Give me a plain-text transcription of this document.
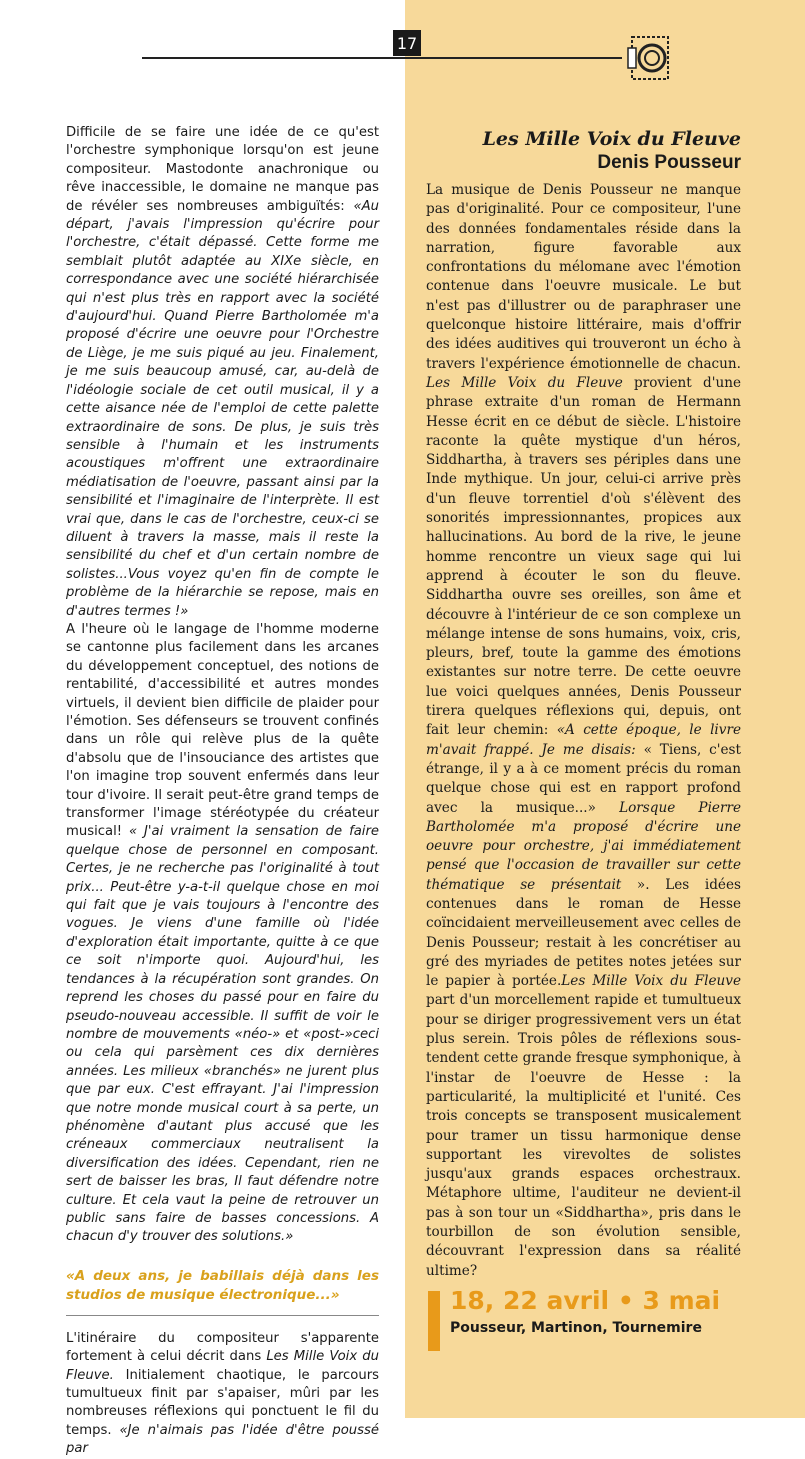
17

Difficile de se faire une idée de ce qu'est l'orchestre symphonique lorsqu'on est jeune compositeur. Mastodonte anachronique ou rêve inaccessible, le domaine ne manque pas de révéler ses nombreuses ambiguïtés: «Au départ, j'avais l'impression qu'écrire pour l'orchestre, c'était dépassé. Cette forme me semblait plutôt adaptée au XIXe siècle, en correspondance avec une société hiérarchisée qui n'est plus très en rapport avec la société d'aujourd'hui. Quand Pierre Bartholomée m'a proposé d'écrire une oeuvre pour l'Orchestre de Liège, je me suis piqué au jeu. Finalement, je me suis beaucoup amusé, car, au-delà de l'idéologie sociale de cet outil musical, il y a cette aisance née de l'emploi de cette palette extraordinaire de sons. De plus, je suis très sensible à l'humain et les instruments acoustiques m'offrent une extraordinaire médiatisation de l'oeuvre, passant ainsi par la sensibilité et l'imaginaire de l'interprète. Il est vrai que, dans le cas de l'orchestre, ceux-ci se diluent à travers la masse, mais il reste la sensibilité du chef et d'un certain nombre de solistes...Vous voyez qu'en fin de compte le problème de la hiérarchie se repose, mais en d'autres termes !»

A l'heure où le langage de l'homme moderne se cantonne plus facilement dans les arcanes du développement conceptuel, des notions de rentabilité, d'accessibilité et autres mondes virtuels, il devient bien difficile de plaider pour l'émotion. Ses défenseurs se trouvent confinés dans un rôle qui relève plus de la quête d'absolu que de l'insouciance des artistes que l'on imagine trop souvent enfermés dans leur tour d'ivoire. Il serait peut-être grand temps de transformer l'image stéréotypée du créateur musical! « J'ai vraiment la sensation de faire quelque chose de personnel en composant. Certes, je ne recherche pas l'originalité à tout prix... Peut-être y-a-t-il quelque chose en moi qui fait que je vais toujours à l'encontre des vogues. Je viens d'une famille où l'idée d'exploration était importante, quitte à ce que ce soit n'importe quoi. Aujourd'hui, les tendances à la récupération sont grandes. On reprend les choses du passé pour en faire du pseudo-nouveau accessible. Il suffit de voir le nombre de mouvements «néo-» et «post-»ceci ou cela qui parsèment ces dix dernières années. Les milieux «branchés» ne jurent plus que par eux. C'est effrayant. J'ai l'impression que notre monde musical court à sa perte, un phénomène d'autant plus accusé que les créneaux commerciaux neutralisent la diversification des idées. Cependant, rien ne sert de baisser les bras, Il faut défendre notre culture. Et cela vaut la peine de retrouver un public sans faire de basses concessions. A chacun d'y trouver des solutions.»

«A deux ans, je babillais déjà dans les studios de musique électronique...»

L'itinéraire du compositeur s'apparente fortement à celui décrit dans Les Mille Voix du Fleuve. Initialement chaotique, le parcours tumultueux finit par s'apaiser, mûri par les nombreuses réflexions qui ponctuent le fil du temps. «Je n'aimais pas l'idée d'être poussé par

Les Mille Voix du Fleuve
Denis Pousseur

La musique de Denis Pousseur ne manque pas d'originalité. Pour ce compositeur, l'une des données fondamentales réside dans la narration, figure favorable aux confrontations du mélomane avec l'émotion contenue dans l'oeuvre musicale. Le but n'est pas d'illustrer ou de paraphraser une quelconque histoire littéraire, mais d'offrir des idées auditives qui trouveront un écho à travers l'expérience émotionnelle de chacun. Les Mille Voix du Fleuve provient d'une phrase extraite d'un roman de Hermann Hesse écrit en ce début de siècle. L'histoire raconte la quête mystique d'un héros, Siddhartha, à travers ses périples dans une Inde mythique. Un jour, celui-ci arrive près d'un fleuve torrentiel d'où s'élèvent des sonorités impressionnantes, propices aux hallucinations. Au bord de la rive, le jeune homme rencontre un vieux sage qui lui apprend à écouter le son du fleuve. Siddhartha ouvre ses oreilles, son âme et découvre à l'intérieur de ce son complexe un mélange intense de sons humains, voix, cris, pleurs, bref, toute la gamme des émotions existantes sur notre terre. De cette oeuvre lue voici quelques années, Denis Pousseur tirera quelques réflexions qui, depuis, ont fait leur chemin: «A cette époque, le livre m'avait frappé. Je me disais: « Tiens, c'est étrange, il y a à ce moment précis du roman quelque chose qui est en rapport profond avec la musique...» Lorsque Pierre Bartholomée m'a proposé d'écrire une oeuvre pour orchestre, j'ai immédiatement pensé que l'occasion de travailler sur cette thématique se présentait ». Les idées contenues dans le roman de Hesse coïncidaient merveilleusement avec celles de Denis Pousseur; restait à les concrétiser au gré des myriades de petites notes jetées sur le papier à portée.Les Mille Voix du Fleuve part d'un morcellement rapide et tumultueux pour se diriger progressivement vers un état plus serein. Trois pôles de réflexions sous-tendent cette grande fresque symphonique, à l'instar de l'oeuvre de Hesse : la particularité, la multiplicité et l'unité. Ces trois concepts se transposent musicalement pour tramer un tissu harmonique dense supportant les virevoltes de solistes jusqu'aux grands espaces orchestraux. Métaphore ultime, l'auditeur ne devient-il pas à son tour un «Siddhartha», pris dans le tourbillon de son évolution sensible, découvrant l'expression dans sa réalité ultime?

18, 22 avril • 3 mai
Pousseur, Martinon, Tournemire
